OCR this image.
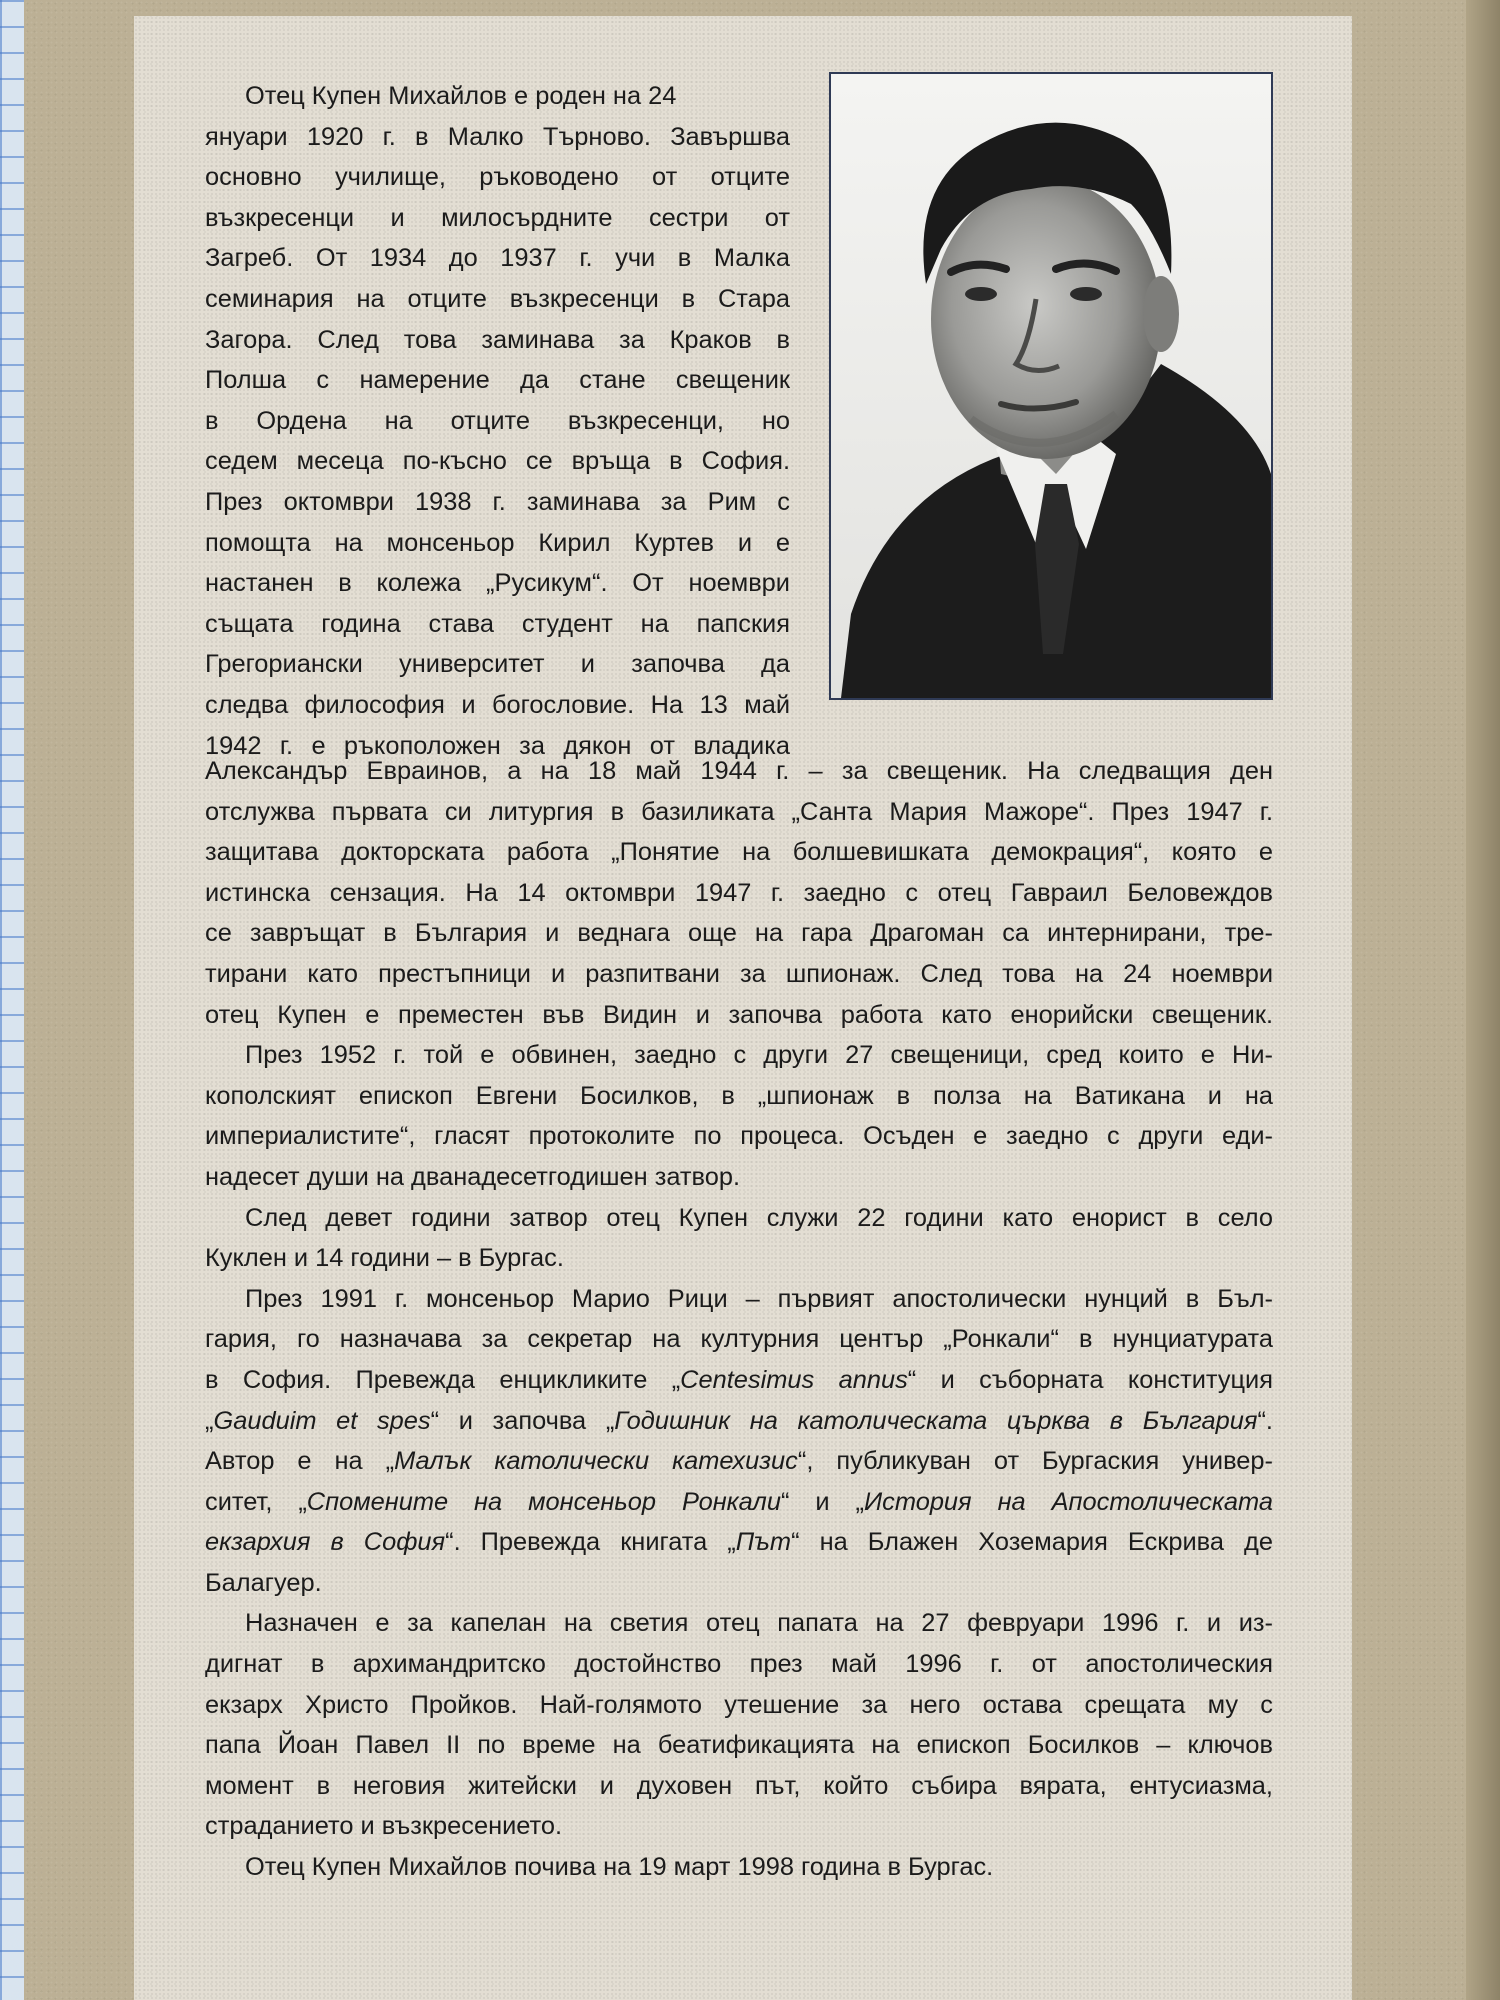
Отец Купен Михайлов е роден на 24

януари 1920 г. в Малко Търново. Завършва

основно училище, ръководено от отците

възкресенци и милосърдните сестри от

Загреб. От 1934 до 1937 г. учи в Малка

семинария на отците възкресенци в Стара

Загора. След това заминава за Краков в

Полша с намерение да стане свещеник

в Ордена на отците възкресенци, но

седем месеца по-късно се връща в София.

През октомври 1938 г. заминава за Рим с

помощта на монсеньор Кирил Куртев и е

настанен в колежа „Русикум“. От ноември

същата година става студент на папския

Грегориански университет и започва да

следва философия и богословие. На 13 май

1942 г. е ръкоположен за дякон от владика

Александър Евраинов, а на 18 май 1944 г. – за свещеник. На следващия ден

отслужва първата си литургия в базиликата „Санта Мария Мажоре“. През 1947 г.

защитава докторската работа „Понятие на болшевишката демокрация“, която е

истинска сензация. На 14 октомври 1947 г. заедно с отец Гавраил Беловеждов

се завръщат в България и веднага още на гара Драгоман са интернирани, тре-

тирани като престъпници и разпитвани за шпионаж. След това на 24 ноември

отец Купен е преместен във Видин и започва работа като енорийски свещеник.

През 1952 г. той е обвинен, заедно с други 27 свещеници, сред които е Ни-

кополският епископ Евгени Босилков, в „шпионаж в полза на Ватикана и на

империалистите“, гласят протоколите по процеса. Осъден е заедно с други еди-

надесет души на дванадесетгодишен затвор.

След девет години затвор отец Купен служи 22 години като енорист в село

Куклен и 14 години – в Бургас.

През 1991 г. монсеньор Марио Рици – първият апостолически нунций в Бъл-

гария, го назначава за секретар на културния център „Ронкали“ в нунциатурата

в София. Превежда енцикликите „Centesimus annus“ и съборната конституция

„Gauduim et spes“ и започва „Годишник на католическата църква в България“.

Автор е на „Малък католически катехизис“, публикуван от Бургаския универ-

ситет, „Спомените на монсеньор Ронкали“ и „История на Апостолическата

екзархия в София“. Превежда книгата „Път“ на Блажен Хоземария Ескрива де

Балагуер.

Назначен е за капелан на светия отец папата на 27 февруари 1996 г. и из-

дигнат в архимандритско достойнство през май 1996 г. от апостолическия

екзарх Христо Пройков. Най-голямото утешение за него остава срещата му с

папа Йоан Павел II по време на беатификацията на епископ Босилков – ключов

момент в неговия житейски и духовен път, който събира вярата, ентусиазма,

страданието и възкресението.

Отец Купен Михайлов почива на 19 март 1998 година в Бургас.
